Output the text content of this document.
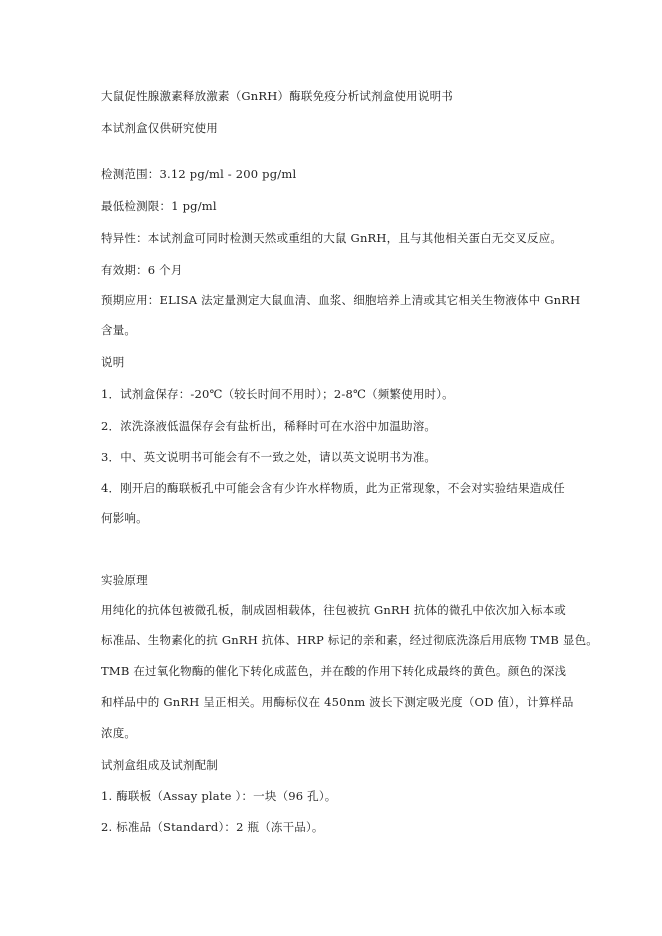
大鼠促性腺激素释放激素（GnRH）酶联免疫分析试剂盒使用说明书

本试剂盒仅供研究使用

检测范围：3.12 pg/ml - 200 pg/ml

最低检测限：1 pg/ml

特异性：本试剂盒可同时检测天然或重组的大鼠 GnRH，且与其他相关蛋白无交叉反应。

有效期：6 个月

预期应用：ELISA 法定量测定大鼠血清、血浆、细胞培养上清或其它相关生物液体中 GnRH

含量。

说明

1．试剂盒保存：-20℃（较长时间不用时）；2-8℃（频繁使用时）。

2．浓洗涤液低温保存会有盐析出，稀释时可在水浴中加温助溶。

3．中、英文说明书可能会有不一致之处，请以英文说明书为准。

4．刚开启的酶联板孔中可能会含有少许水样物质，此为正常现象，不会对实验结果造成任

何影响。

实验原理

用纯化的抗体包被微孔板，制成固相载体，往包被抗 GnRH 抗体的微孔中依次加入标本或

标准品、生物素化的抗 GnRH 抗体、HRP 标记的亲和素，经过彻底洗涤后用底物 TMB 显色。

TMB 在过氧化物酶的催化下转化成蓝色，并在酸的作用下转化成最终的黄色。颜色的深浅

和样品中的 GnRH 呈正相关。用酶标仪在 450nm 波长下测定吸光度（OD 值），计算样品

浓度。

试剂盒组成及试剂配制

1. 酶联板（Assay plate ）：一块（96 孔）。

2. 标准品（Standard）：2 瓶（冻干品）。
